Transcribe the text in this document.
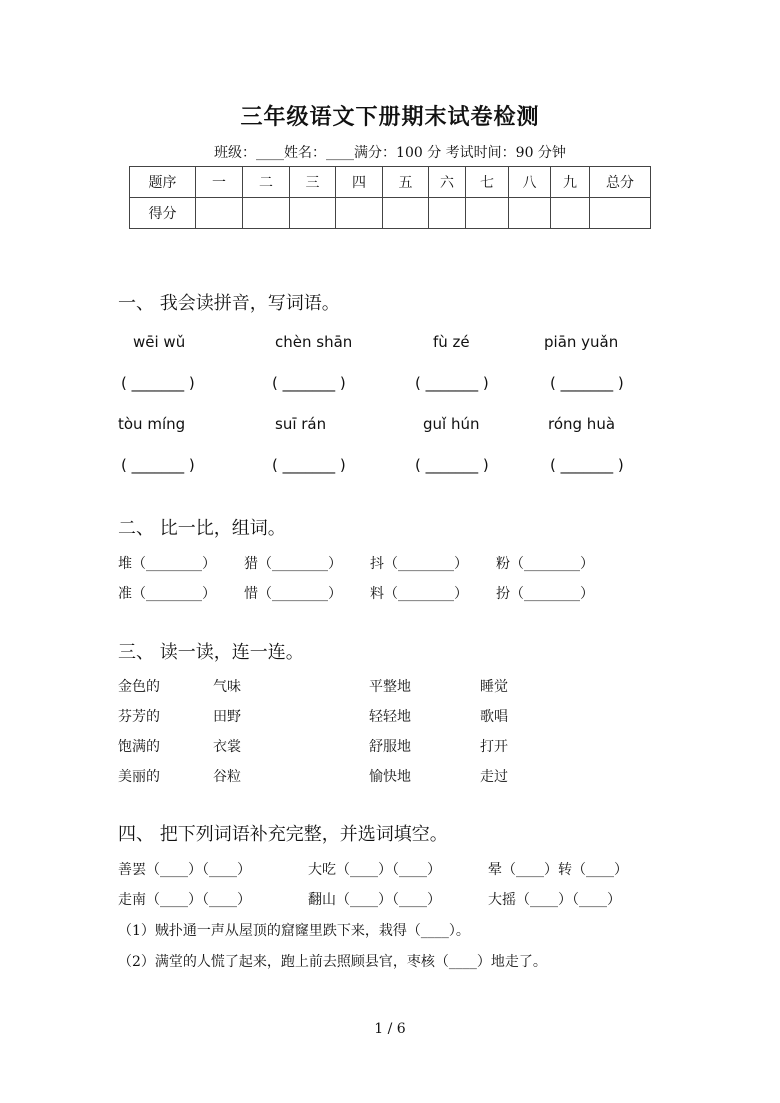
三年级语文下册期末试卷检测
班级：____姓名：____满分：100 分 考试时间：90 分钟
题序	一	二	三	四	五	六	七	八	九	总分
得分										
一、 我会读拼音，写词语。
wēi wǔ	chèn shān	fù zé	piān yuǎn
( _______ )	( _______ )	( _______ )	( _______ )
tòu míng	suī rán	guǐ hún	róng huà
( _______ )	( _______ )	( _______ )	( _______ )
二、 比一比，组词。
堆（________） 猎（________） 抖（________） 粉（________）
准（________） 惜（________） 料（________） 扮（________）
三、 读一读，连一连。
金色的	气味	平整地	睡觉
芬芳的	田野	轻轻地	歌唱
饱满的	衣裳	舒服地	打开
美丽的	谷粒	愉快地	走过
四、 把下列词语补充完整，并选词填空。
善罢（____）（____）	大吃（____）（____）	晕（____）转（____）
走南（____）（____）	翻山（____）（____）	大摇（____）（____）
（1）贼扑通一声从屋顶的窟窿里跌下来，栽得（____）。
（2）满堂的人慌了起来，跑上前去照顾县官，枣核（____）地走了。
1 / 6
